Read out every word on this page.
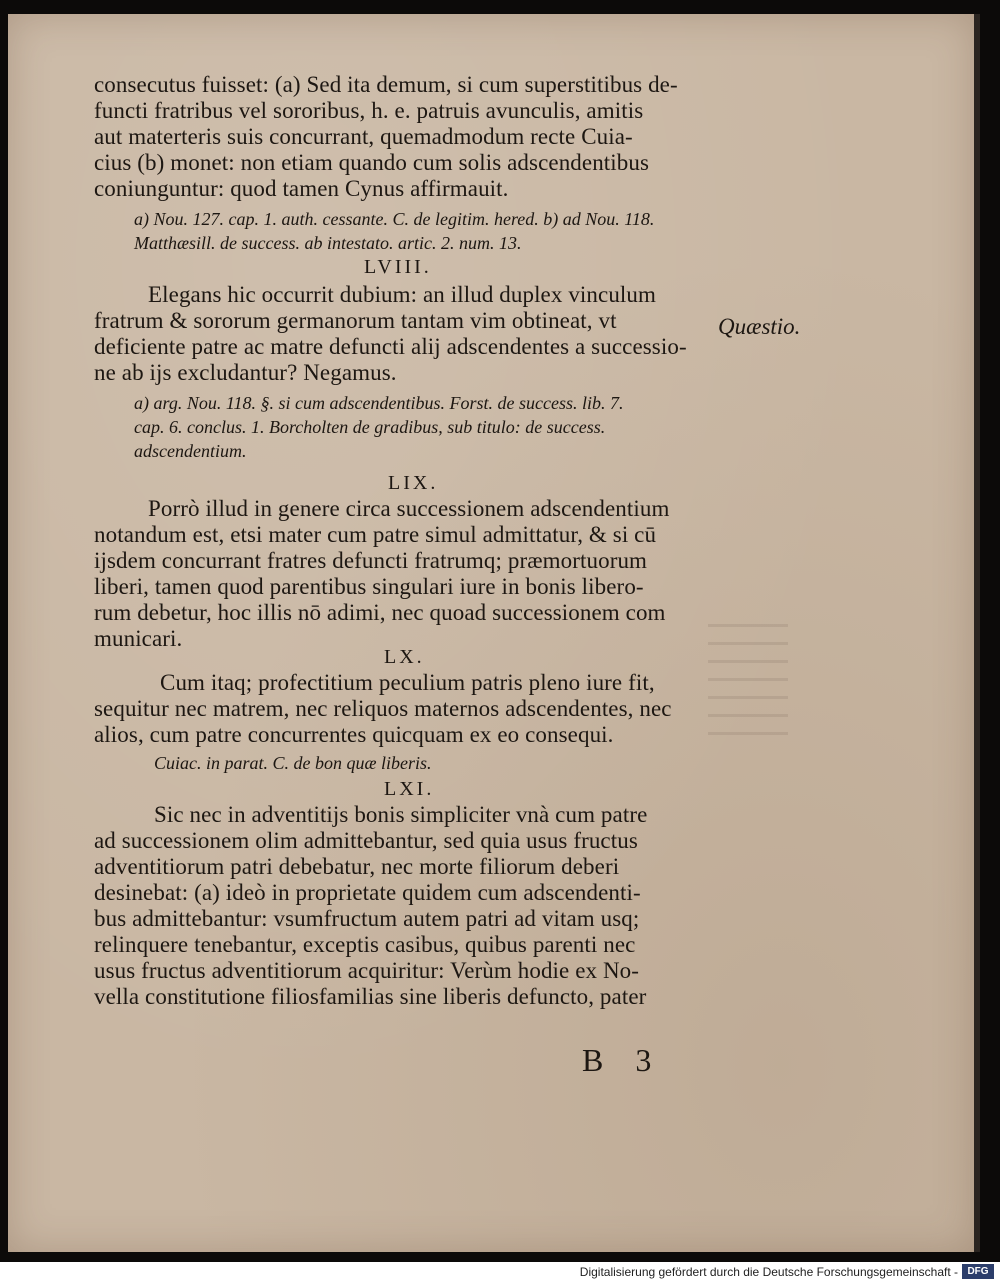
consecutus fuisset: (a) Sed ita demum, si cum superstitibus de-
functi fratribus vel sororibus, h. e. patruis avunculis, amitis
aut materteris suis concurrant, quemadmodum recte Cuia-
cius (b) monet: non etiam quando cum solis adscendentibus
coniunguntur: quod tamen Cynus affirmauit.
a) Nou. 127. cap. 1. auth. cessante. C. de legitim. hered. b) ad Nou. 118.
Matthæsill. de success. ab intestato. artic. 2. num. 13.
LVIII.
Elegans hic occurrit dubium: an illud duplex vinculum
fratrum & sororum germanorum tantam vim obtineat, vt
deficiente patre ac matre defuncti alij adscendentes a successio-
ne ab ijs excludantur? Negamus.
a) arg. Nou. 118. §. si cum adscendentibus. Forst. de success. lib. 7.
cap. 6. conclus. 1. Borcholten de gradibus, sub titulo: de success.
adscendentium.
LIX.
Porrò illud in genere circa successionem adscendentium
notandum est, etsi mater cum patre simul admittatur, & si cū
ijsdem concurrant fratres defuncti fratrumq; præmortuorum
liberi, tamen quod parentibus singulari iure in bonis libero-
rum debetur, hoc illis nō adimi, nec quoad successionem com
municari.
LX.
Cum itaq; profectitium peculium patris pleno iure fit,
sequitur nec matrem, nec reliquos maternos adscendentes, nec
alios, cum patre concurrentes quicquam ex eo consequi.
Cuiac. in parat. C. de bon quæ liberis.
LXI.
Sic nec in adventitijs bonis simpliciter vnà cum patre
ad successionem olim admittebantur, sed quia usus fructus
adventitiorum patri debebatur, nec morte filiorum deberi
desinebat: (a) ideò in proprietate quidem cum adscendenti-
bus admittebantur: vsumfructum autem patri ad vitam usq;
relinquere tenebantur, exceptis casibus, quibus parenti nec
usus fructus adventitiorum acquiritur: Verùm hodie ex No-
vella constitutione filiosfamilias sine liberis defuncto, pater
Quæstio.
B 3
Digitalisierung gefördert durch die Deutsche Forschungsgemeinschaft - DFG
